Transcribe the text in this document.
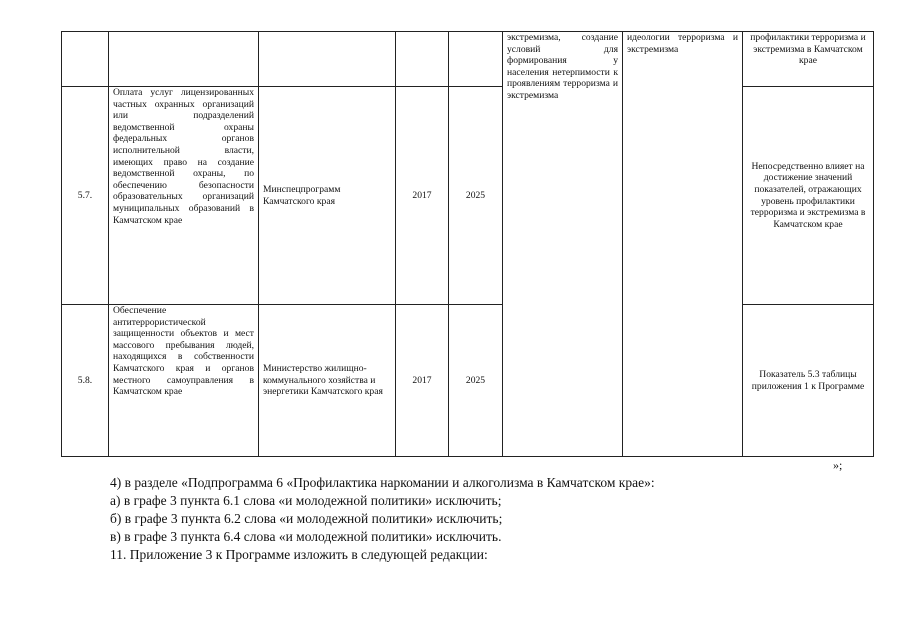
					экстремизма, создание условий для формирования у населения нетерпимости к проявлениям терроризма и экстремизма	идеологии терроризма и экстремизма	профилактики терроризма и экстремизма в Камчатском крае
5.7.	Оплата услуг лицензированных частных охранных организаций или подразделений ведомственной охраны федеральных органов исполнительной власти, имеющих право на создание ведомственной охраны, по обеспечению безопасности образовательных организаций муниципальных образований в Камчатском крае	Минспецпрограмм Камчатского края	2017	2025			Непосредственно влияет на достижение значений показателей, отражающих уровень профилактики терроризма и экстремизма в Камчатском крае
5.8.	Обеспечение антитеррористической защищенности объектов и мест массового пребывания людей, находящихся в собственности Камчатского края и органов местного самоуправления в Камчатском крае	Министерство жилищно-коммунального хозяйства и энергетики Камчатского края	2017	2025			Показатель 5.3 таблицы приложения 1 к Программе
»;
4) в разделе «Подпрограмма 6 «Профилактика наркомании и алкоголизма в Камчатском крае»:
а) в графе 3 пункта 6.1 слова «и молодежной политики» исключить;
б) в графе 3 пункта 6.2 слова «и молодежной политики» исключить;
в) в графе 3 пункта 6.4 слова «и молодежной политики» исключить.
11. Приложение 3 к Программе изложить в следующей редакции:
